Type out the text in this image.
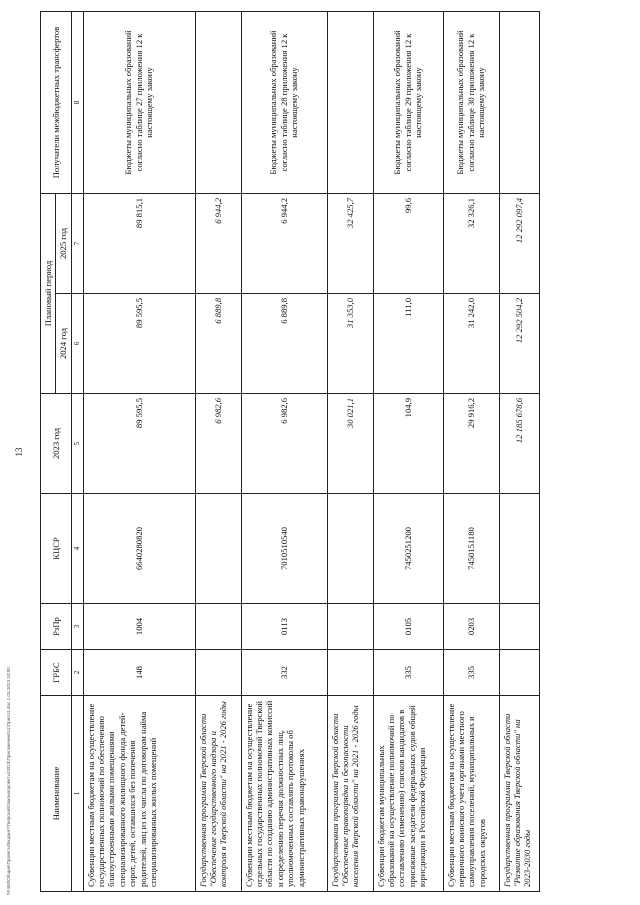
13
Наименование	ГРБС	РзПр	КЦСР	2023 год	Плановый период		Получатели межбюджетных трансфертов
					2024 год	2025 год	
1	2	3	4	5	6	7	8
Субвенции местным бюджетам на осуществление государственных полномочий по обеспечению благоустроенными жилыми помещениями специализированного жилищного фонда детей-сирот, детей, оставшихся без попечения родителей, лиц из их числа по договорам найма специализированных жилых помещений	148	1004	6640280820	89 595,5	89 595,5	89 815,1	Бюджеты муниципальных образований согласно таблице 27 приложения 12 к настоящему закону
Государственная программа Тверской области "Обеспечение государственного надзора и контроля в Тверской области" на 2021 - 2026 годы				6 982,6	6 889,8	6 944,2	
Субвенции местным бюджетам на осуществление отдельных государственных полномочий Тверской области по созданию административных комиссий и определению перечня должностных лиц, уполномоченных составлять протоколы об административных правонарушениях	332	0113	7010510540	6 982,6	6 889,8	6 944,2	Бюджеты муниципальных образований согласно таблице 28 приложения 12 к настоящему закону
Государственная программа Тверской области "Обеспечение правопорядка и безопасности населения Тверской области" на 2021 - 2026 годы				30 021,1	31 353,0	32 425,7	
Субвенции бюджетам муниципальных образований на осуществление полномочий по составлению (изменению) списков кандидатов в присяжные заседатели федеральных судов общей юрисдикции в Российской Федерации	335	0105	7450251200	104,9	111,0	99,6	Бюджеты муниципальных образований согласно таблице 29 приложения 12 к настоящему закону
Субвенции местным бюджетам на осуществление первичного воинского учета органами местного самоуправления поселений, муниципальных и городских округов	335	0203	7450151180	29 916,2	31 242,0	32 326,1	Бюджеты муниципальных образований согласно таблице 30 приложения 12 к настоящему закону
Государственная программа Тверской области "Развитие образования Тверской области" на 2023-2030 годы				12 185 678,6	12 292 504,2	12 292 097,4	
\\F400\Общие\Проекты\Бюджет\Тверской\Законопроекты\2023\Приложения\11\Прил11.doc 1.03.2023 10:00
